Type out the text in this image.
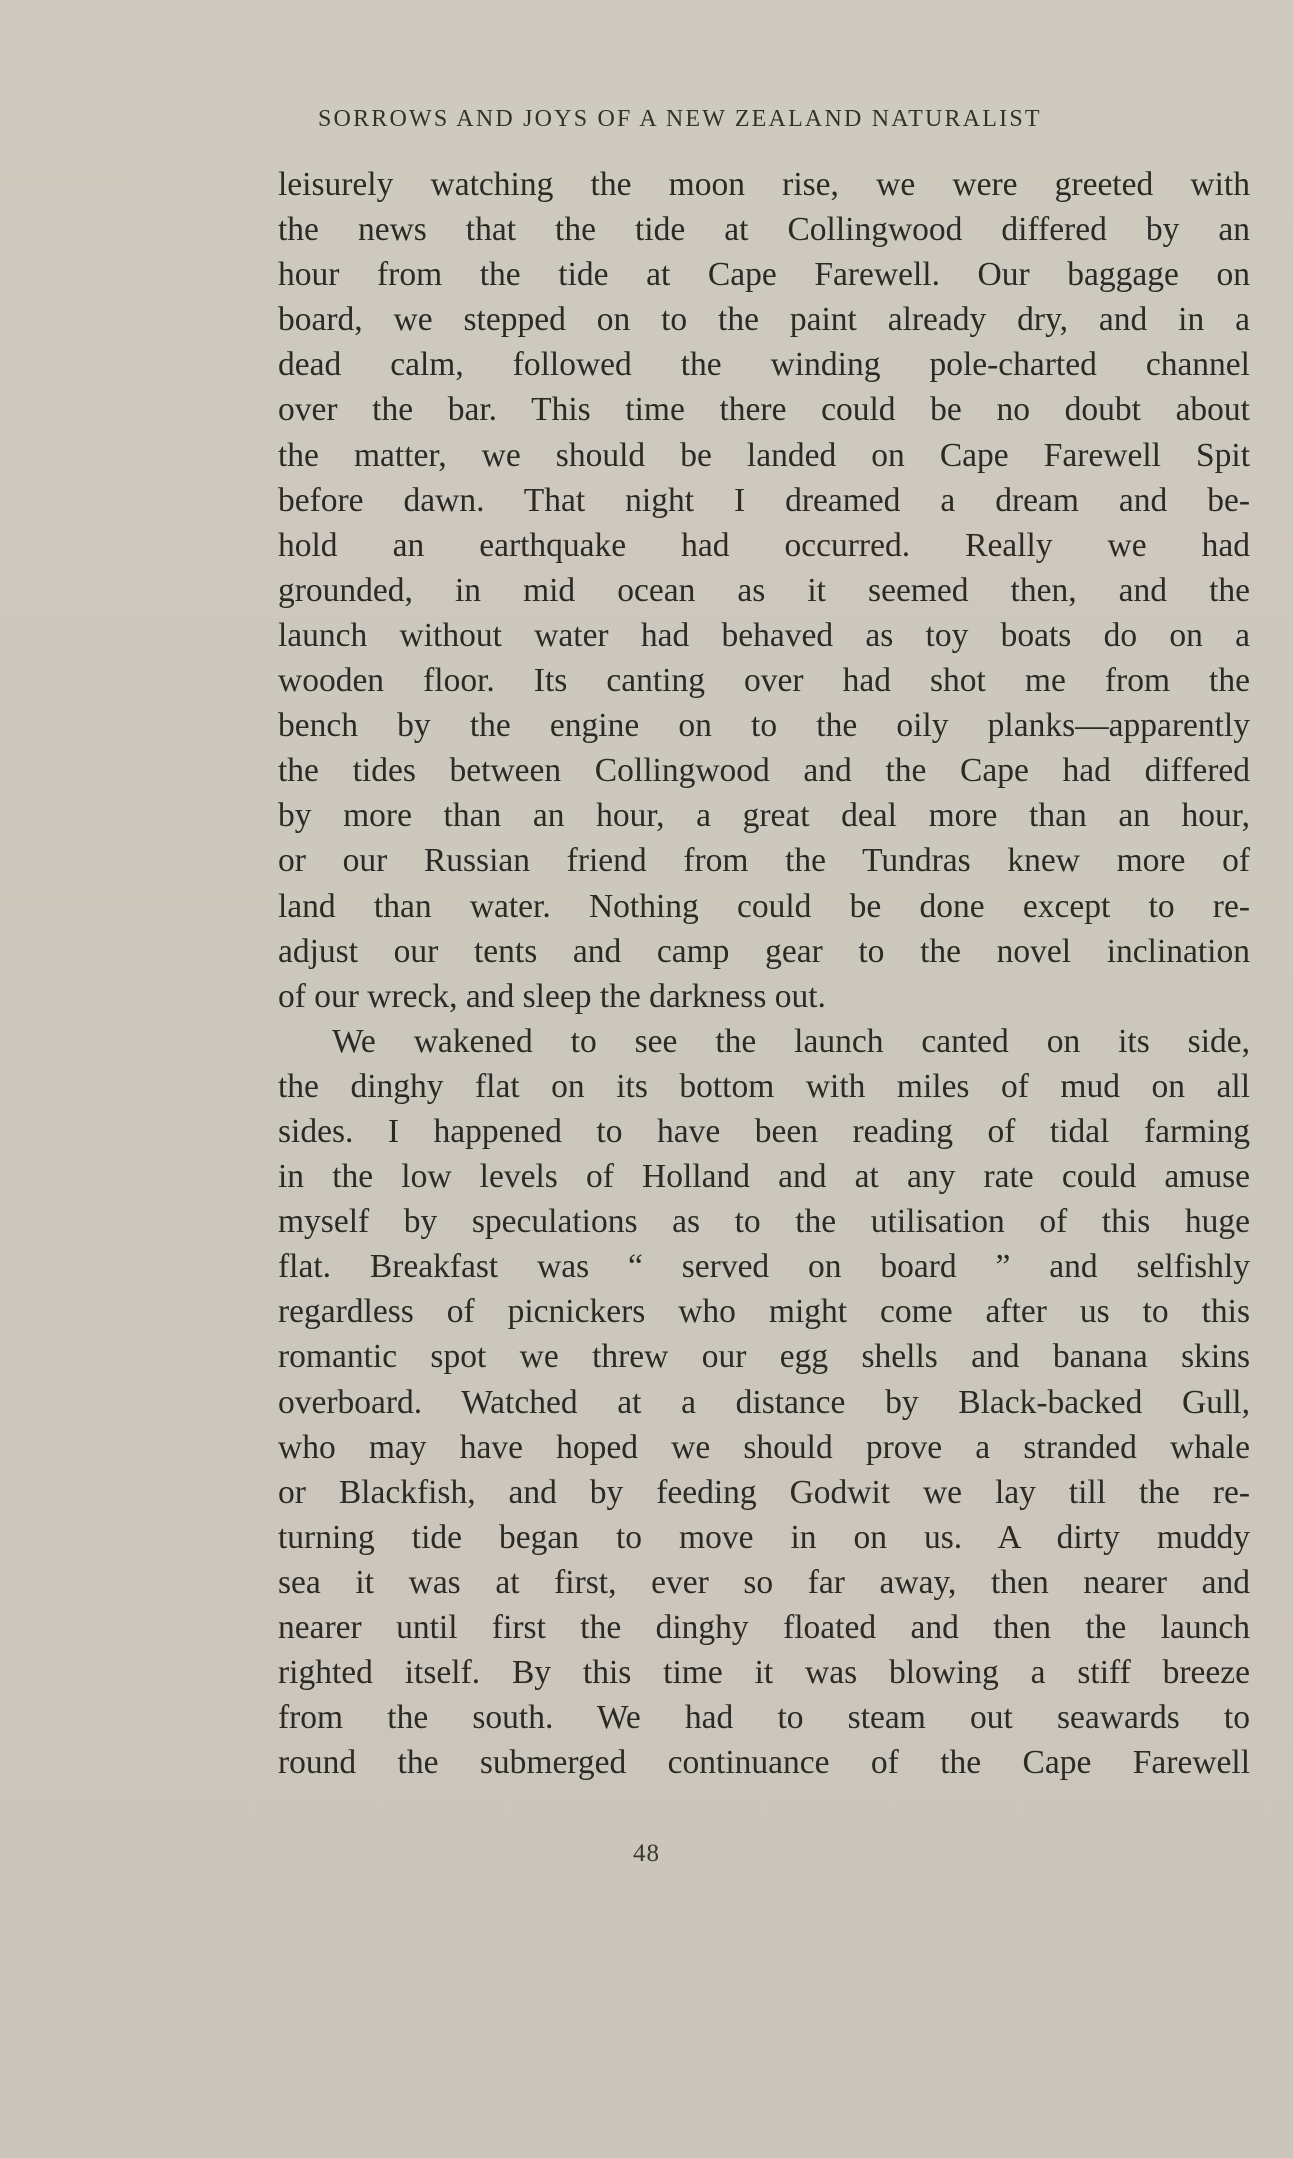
SORROWS AND JOYS OF A NEW ZEALAND NATURALIST
leisurely watching the moon rise, we were greeted with
the news that the tide at Collingwood differed by an
hour from the tide at Cape Farewell. Our baggage on
board, we stepped on to the paint already dry, and in a
dead calm, followed the winding pole-charted channel
over the bar. This time there could be no doubt about
the matter, we should be landed on Cape Farewell Spit
before dawn. That night I dreamed a dream and be-
hold an earthquake had occurred. Really we had
grounded, in mid ocean as it seemed then, and the
launch without water had behaved as toy boats do on a
wooden floor. Its canting over had shot me from the
bench by the engine on to the oily planks—apparently
the tides between Collingwood and the Cape had differed
by more than an hour, a great deal more than an hour,
or our Russian friend from the Tundras knew more of
land than water. Nothing could be done except to re-
adjust our tents and camp gear to the novel inclination
of our wreck, and sleep the darkness out.
We wakened to see the launch canted on its side,
the dinghy flat on its bottom with miles of mud on all
sides. I happened to have been reading of tidal farming
in the low levels of Holland and at any rate could amuse
myself by speculations as to the utilisation of this huge
flat. Breakfast was “ served on board ” and selfishly
regardless of picnickers who might come after us to this
romantic spot we threw our egg shells and banana skins
overboard. Watched at a distance by Black-backed Gull,
who may have hoped we should prove a stranded whale
or Blackfish, and by feeding Godwit we lay till the re-
turning tide began to move in on us. A dirty muddy
sea it was at first, ever so far away, then nearer and
nearer until first the dinghy floated and then the launch
righted itself. By this time it was blowing a stiff breeze
from the south. We had to steam out seawards to
round the submerged continuance of the Cape Farewell
48
